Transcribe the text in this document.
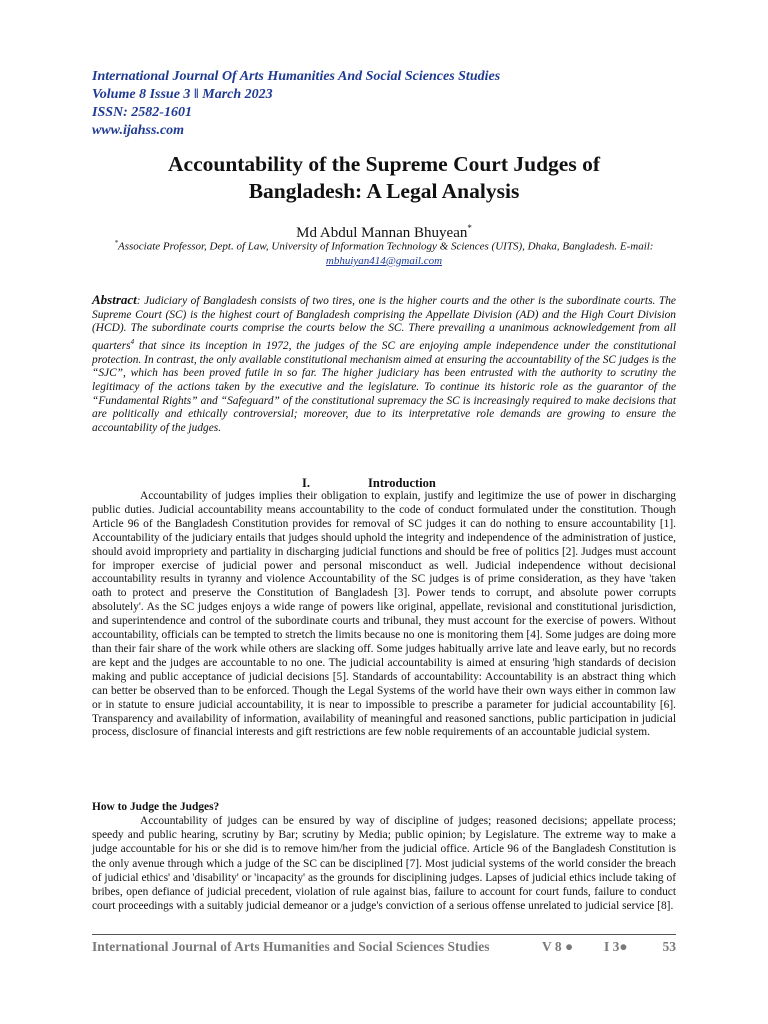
International Journal Of Arts Humanities And Social Sciences Studies
Volume 8 Issue 3 ǁ March 2023
ISSN: 2582-1601
www.ijahss.com
Accountability of the Supreme Court Judges of
Bangladesh: A Legal Analysis
Md Abdul Mannan Bhuyean*
*Associate Professor, Dept. of Law, University of Information Technology & Sciences (UITS), Dhaka, Bangladesh. E-mail: mbhuiyan414@gmail.com
Abstract: Judiciary of Bangladesh consists of two tires, one is the higher courts and the other is the subordinate courts. The Supreme Court (SC) is the highest court of Bangladesh comprising the Appellate Division (AD) and the High Court Division (HCD). The subordinate courts comprise the courts below the SC. There prevailing a unanimous acknowledgement from all quarters$^4$ that since its inception in 1972, the judges of the SC are enjoying ample independence under the constitutional protection. In contrast, the only available constitutional mechanism aimed at ensuring the accountability of the SC judges is the “SJC”, which has been proved futile in so far. The higher judiciary has been entrusted with the authority to scrutiny the legitimacy of the actions taken by the executive and the legislature. To continue its historic role as the guarantor of the “Fundamental Rights” and “Safeguard” of the constitutional supremacy the SC is increasingly required to make decisions that are politically and ethically controversial; moreover, due to its interpretative role demands are growing to ensure the accountability of the judges.
I.	Introduction

Accountability of judges implies their obligation to explain, justify and legitimize the use of power in discharging public duties. Judicial accountability means accountability to the code of conduct formulated under the constitution. Though Article 96 of the Bangladesh Constitution provides for removal of SC judges it can do nothing to ensure accountability [1]. Accountability of the judiciary entails that judges should uphold the integrity and independence of the administration of justice, should avoid impropriety and partiality in discharging judicial functions and should be free of politics [2]. Judges must account for improper exercise of judicial power and personal misconduct as well. Judicial independence without decisional accountability results in tyranny and violence Accountability of the SC judges is of prime consideration, as they have 'taken oath to protect and preserve the Constitution of Bangladesh [3]. Power tends to corrupt, and absolute power corrupts absolutely'. As the SC judges enjoys a wide range of powers like original, appellate, revisional and constitutional jurisdiction, and superintendence and control of the subordinate courts and tribunal, they must account for the exercise of powers. Without accountability, officials can be tempted to stretch the limits because no one is monitoring them [4]. Some judges are doing more than their fair share of the work while others are slacking off. Some judges habitually arrive late and leave early, but no records are kept and the judges are accountable to no one. The judicial accountability is aimed at ensuring 'high standards of decision making and public acceptance of judicial decisions [5]. Standards of accountability: Accountability is an abstract thing which can better be observed than to be enforced. Though the Legal Systems of the world have their own ways either in common law or in statute to ensure judicial accountability, it is near to impossible to prescribe a parameter for judicial accountability [6]. Transparency and availability of information, availability of meaningful and reasoned sanctions, public participation in judicial process, disclosure of financial interests and gift restrictions are few noble requirements of an accountable judicial system.

How to Judge the Judges?

Accountability of judges can be ensured by way of discipline of judges; reasoned decisions; appellate process; speedy and public hearing, scrutiny by Bar; scrutiny by Media; public opinion; by Legislature. The extreme way to make a judge accountable for his or she did is to remove him/her from the judicial office. Article 96 of the Bangladesh Constitution is the only avenue through which a judge of the SC can be disciplined [7]. Most judicial systems of the world consider the breach of judicial ethics' and 'disability' or 'incapacity' as the grounds for disciplining judges. Lapses of judicial ethics include taking of bribes, open defiance of judicial precedent, violation of rule against bias, failure to account for court funds, failure to conduct court proceedings with a suitably judicial demeanor or a judge's conviction of a serious offense unrelated to judicial service [8].

International Journal of Arts Humanities and Social Sciences Studies	V 8 ● I 3●	53
